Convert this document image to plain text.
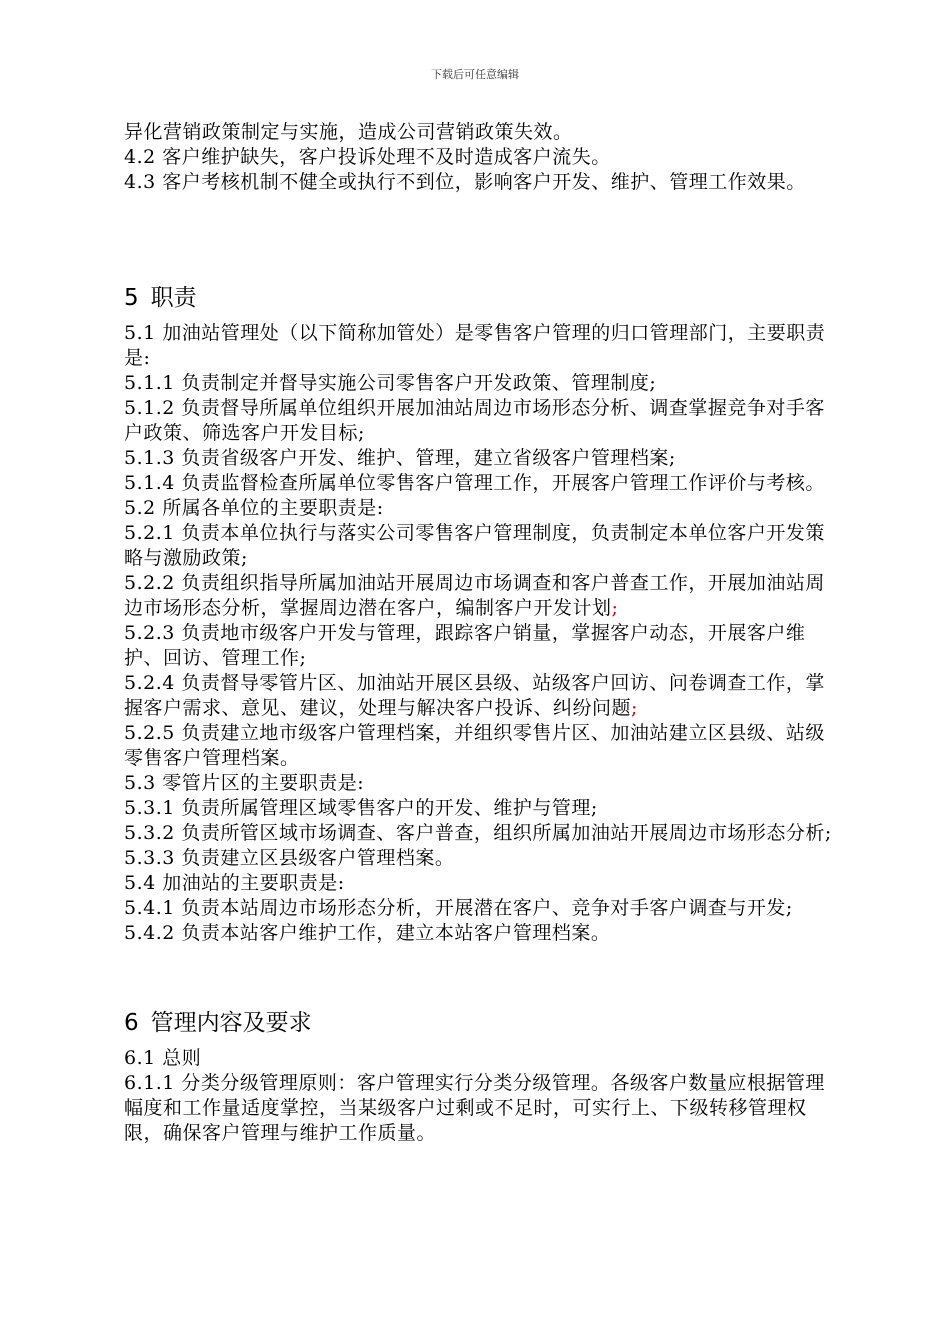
下载后可任意编辑

异化营销政策制定与实施，造成公司营销政策失效。

4.2 客户维护缺失，客户投诉处理不及时造成客户流失。

4.3 客户考核机制不健全或执行不到位，影响客户开发、维护、管理工作效果。

5 职责

5.1 加油站管理处（以下简称加管处）是零售客户管理的归口管理部门，主要职责是:

5.1.1 负责制定并督导实施公司零售客户开发政策、管理制度;

5.1.2 负责督导所属单位组织开展加油站周边市场形态分析、调查掌握竞争对手客户政策、筛选客户开发目标;

5.1.3 负责省级客户开发、维护、管理，建立省级客户管理档案;

5.1.4 负责监督检查所属单位零售客户管理工作，开展客户管理工作评价与考核。

5.2 所属各单位的主要职责是:

5.2.1 负责本单位执行与落实公司零售客户管理制度，负责制定本单位客户开发策略与激励政策;

5.2.2 负责组织指导所属加油站开展周边市场调查和客户普查工作，开展加油站周边市场形态分析，掌握周边潜在客户，编制客户开发计划;

5.2.3 负责地市级客户开发与管理，跟踪客户销量，掌握客户动态，开展客户维护、回访、管理工作;

5.2.4 负责督导零管片区、加油站开展区县级、站级客户回访、问卷调查工作，掌握客户需求、意见、建议，处理与解决客户投诉、纠纷问题;

5.2.5 负责建立地市级客户管理档案，并组织零售片区、加油站建立区县级、站级零售客户管理档案。

5.3 零管片区的主要职责是:

5.3.1 负责所属管理区域零售客户的开发、维护与管理;

5.3.2 负责所管区域市场调查、客户普查，组织所属加油站开展周边市场形态分析;

5.3.3 负责建立区县级客户管理档案。

5.4 加油站的主要职责是:

5.4.1 负责本站周边市场形态分析，开展潜在客户、竞争对手客户调查与开发;

5.4.2 负责本站客户维护工作，建立本站客户管理档案。

6 管理内容及要求

6.1 总则

6.1.1 分类分级管理原则：客户管理实行分类分级管理。各级客户数量应根据管理幅度和工作量适度掌控，当某级客户过剩或不足时，可实行上、下级转移管理权限，确保客户管理与维护工作质量。
